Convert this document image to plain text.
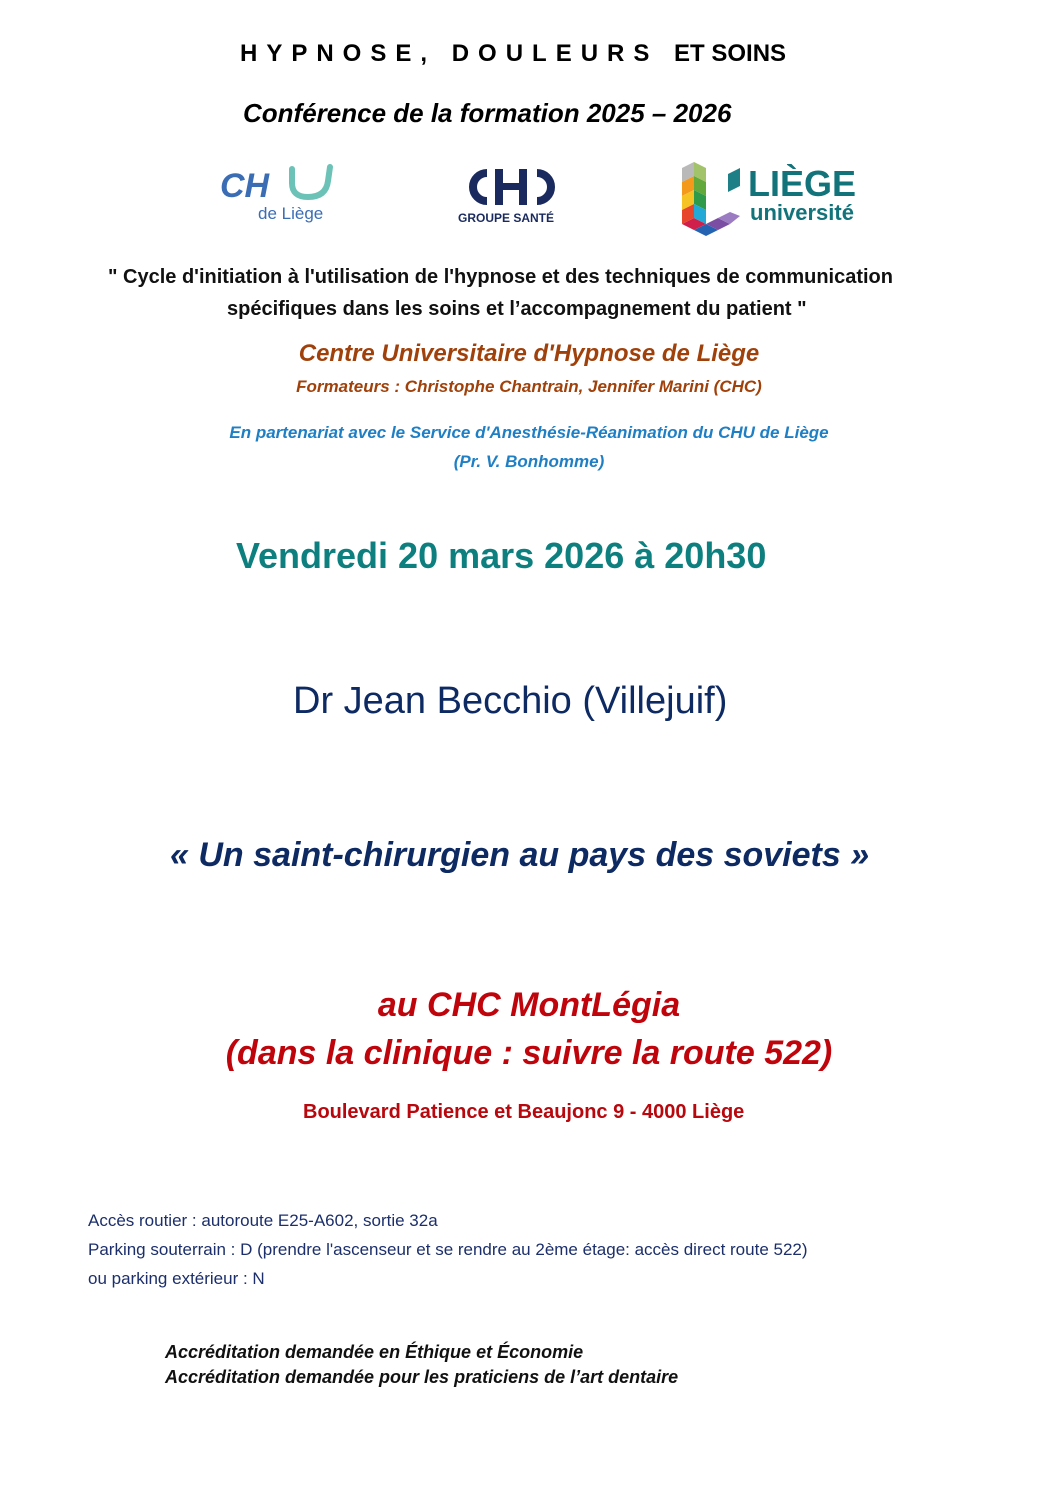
HYPNOSE, DOULEURS ET SOINS
Conférence de la formation 2025 – 2026
CH
de Liège	GROUPE SANTÉ
LIÈGE
université
" Cycle d'initiation à l'utilisation de l'hypnose et des techniques de communication
spécifiques dans les soins et l’accompagnement du patient "
Centre Universitaire d'Hypnose de Liège
Formateurs : Christophe Chantrain, Jennifer Marini (CHC)
En partenariat avec le Service d'Anesthésie-Réanimation du CHU de Liège
(Pr. V. Bonhomme)
Vendredi 20 mars 2026 à 20h30
Dr Jean Becchio (Villejuif)
« Un saint-chirurgien au pays des soviets »
au CHC MontLégia
(dans la clinique : suivre la route 522)
Boulevard Patience et Beaujonc 9 - 4000 Liège
Accès routier : autoroute E25-A602, sortie 32a
Parking souterrain : D (prendre l'ascenseur et se rendre au 2ème étage: accès direct route 522)
ou parking extérieur : N
Accréditation demandée en Éthique et Économie
Accréditation demandée pour les praticiens de l’art dentaire
